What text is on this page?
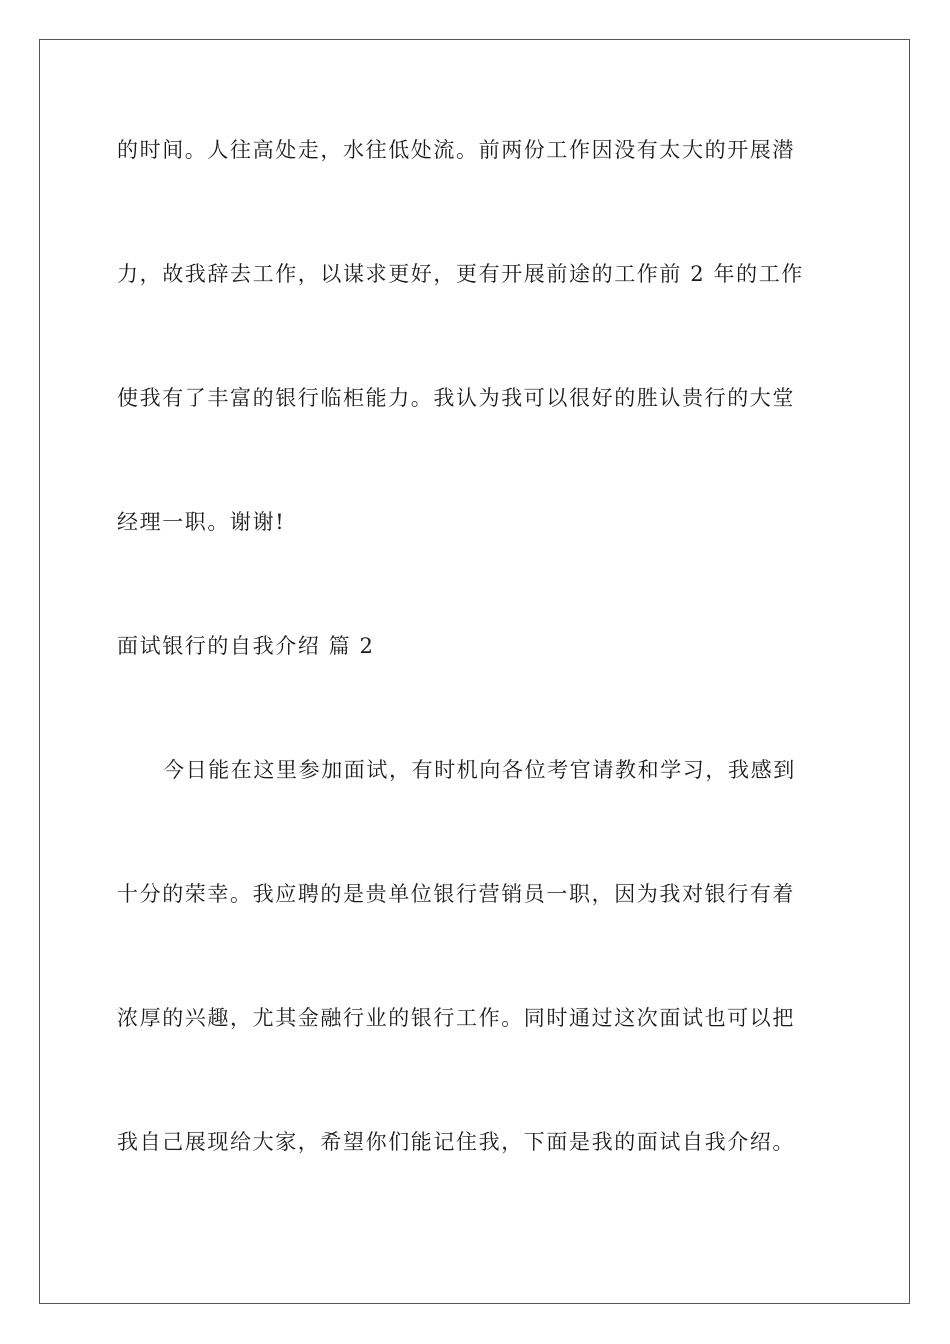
的时间。人往高处走，水往低处流。前两份工作因没有太大的开展潜
力，故我辞去工作，以谋求更好，更有开展前途的工作前 2 年的工作
使我有了丰富的银行临柜能力。我认为我可以很好的胜认贵行的大堂
经理一职。谢谢!
面试银行的自我介绍 篇 2
今日能在这里参加面试，有时机向各位考官请教和学习，我感到
十分的荣幸。我应聘的是贵单位银行营销员一职，因为我对银行有着
浓厚的兴趣，尤其金融行业的银行工作。同时通过这次面试也可以把
我自己展现给大家，希望你们能记住我，下面是我的面试自我介绍。
